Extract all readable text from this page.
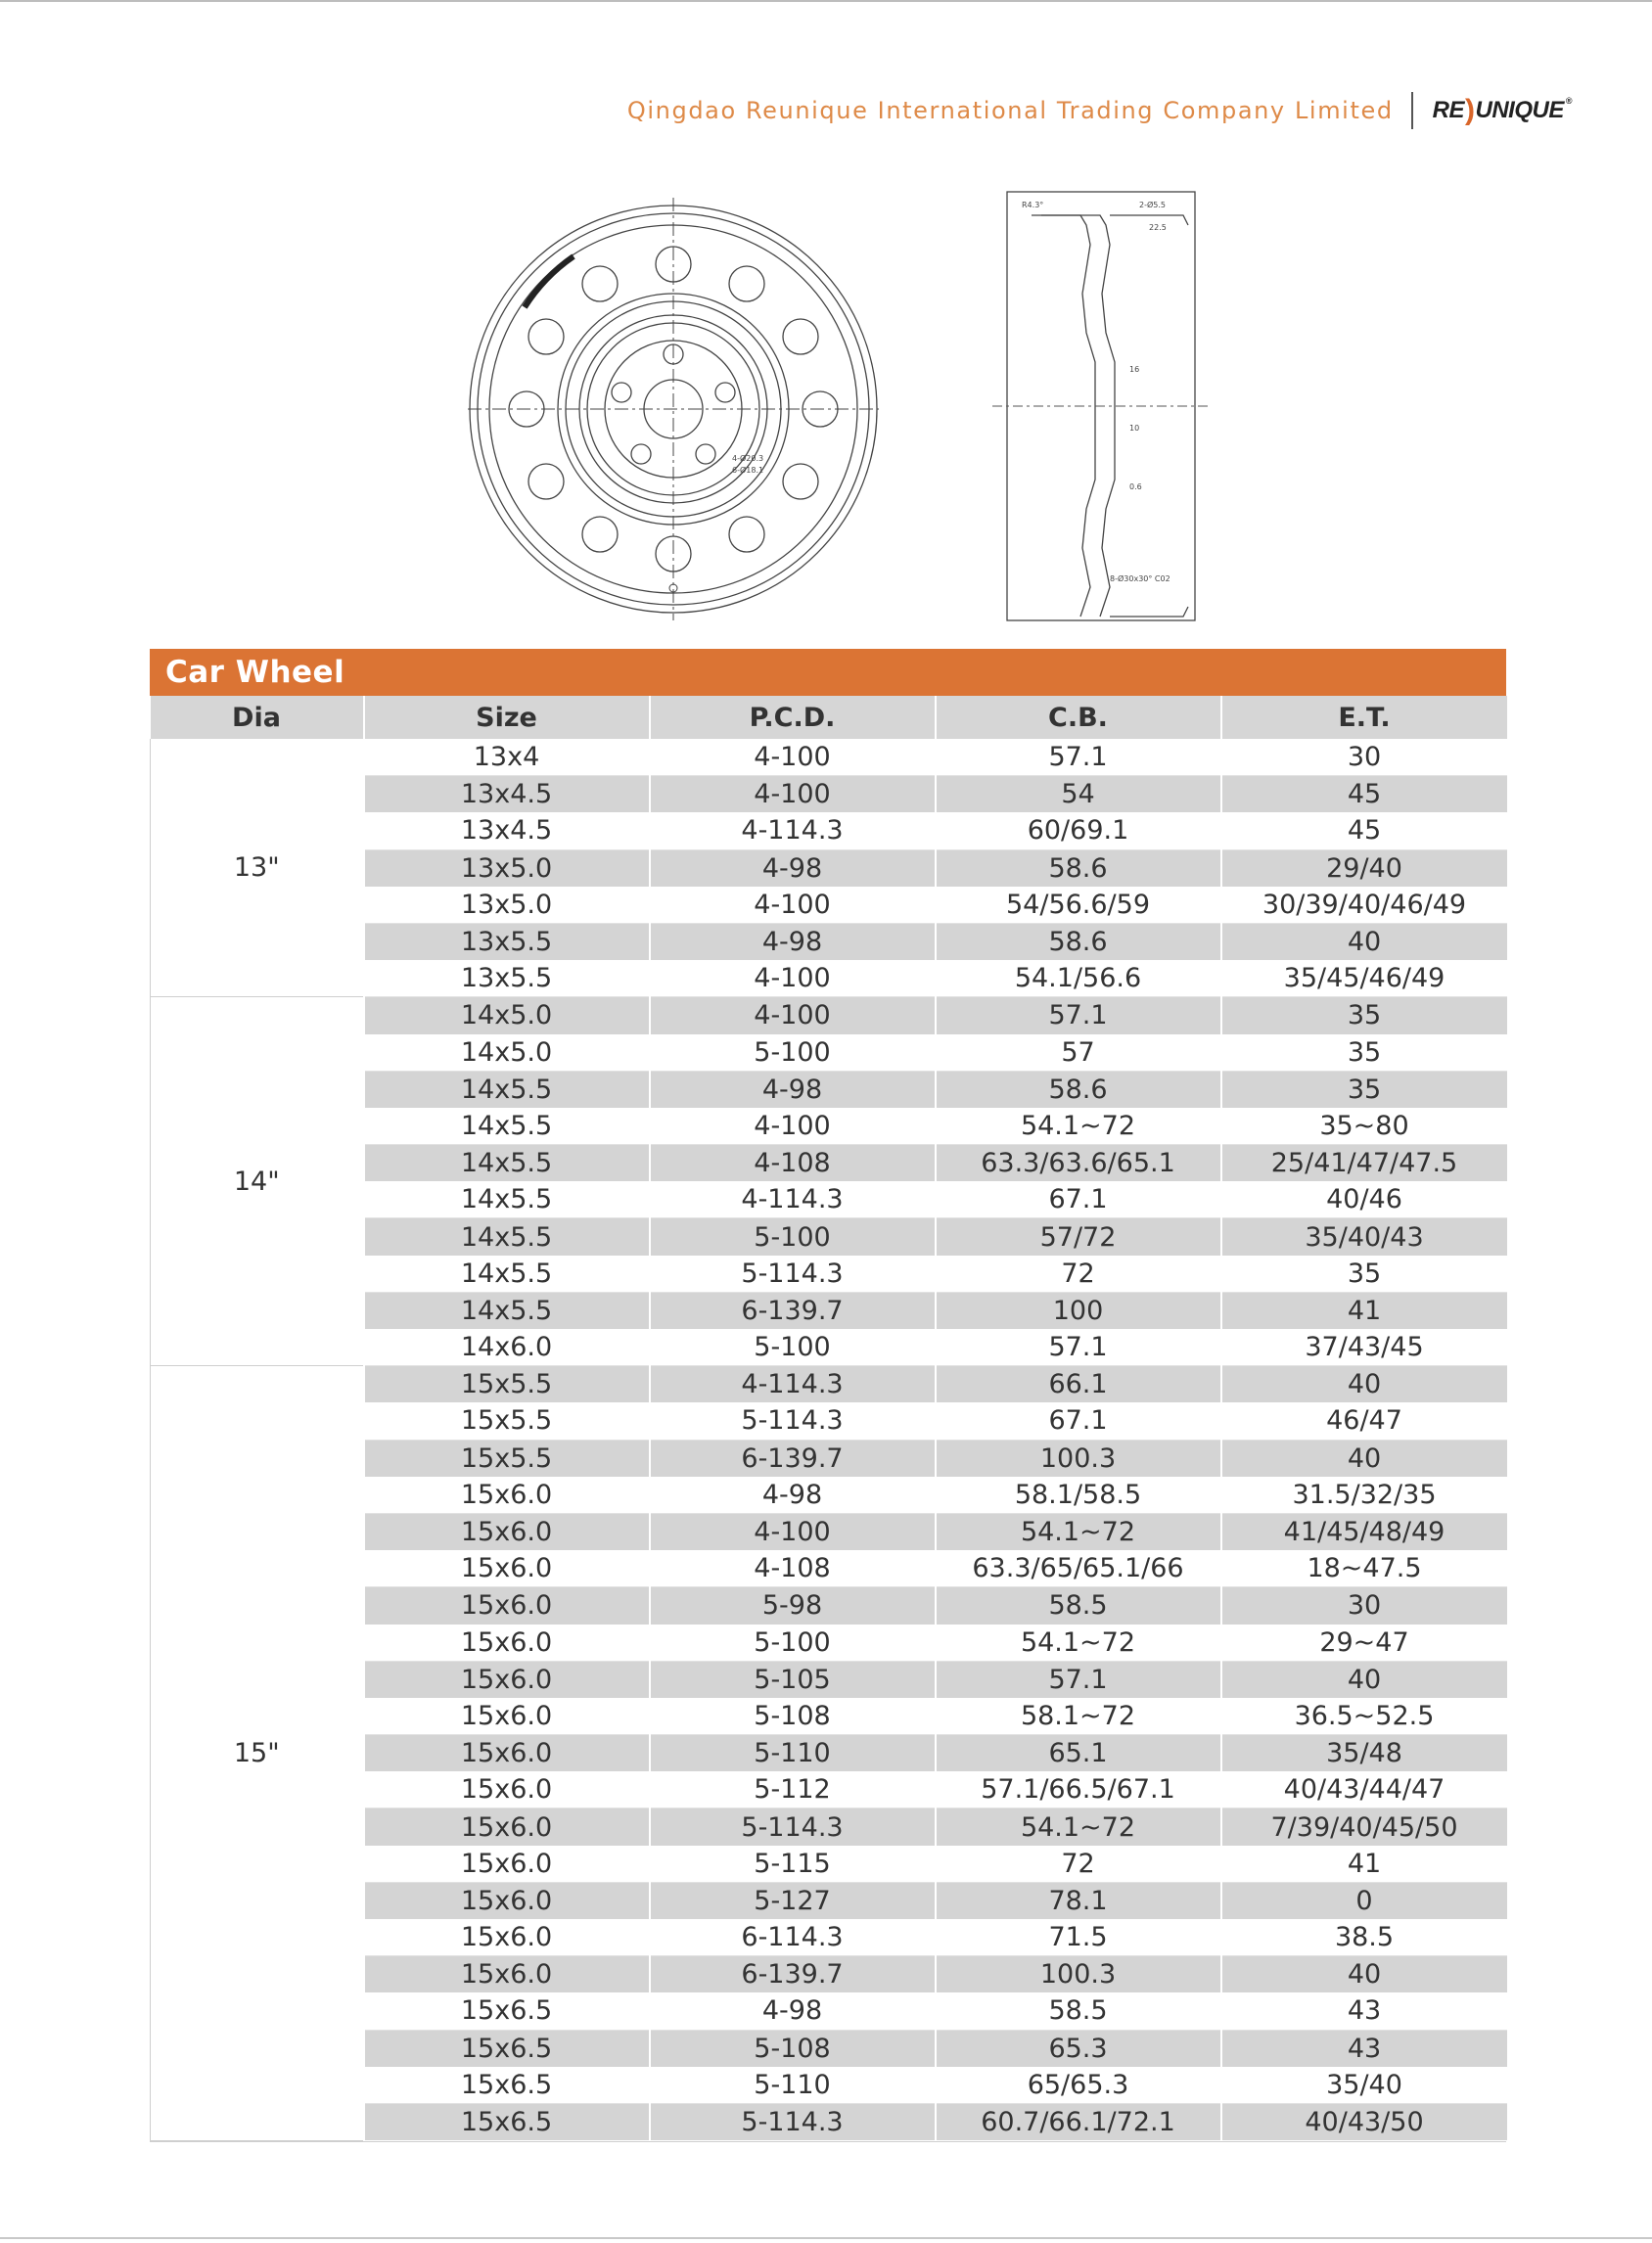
Qingdao Reunique International Trading Company Limited RE ) UNIQUE ®
4-Ø20.3
6-Ø18.1
R4.3°	2-Ø5.5
22.5
16
10
0.6
8-Ø30x30° C02
Car Wheel
Dia	Size	P.C.D.	C.B.	E.T.
13"	13x4	4-100	57.1	30
	13x4.5	4-100	54	45
	13x4.5	4-114.3	60/69.1	45
	13x5.0	4-98	58.6	29/40
	13x5.0	4-100	54/56.6/59	30/39/40/46/49
	13x5.5	4-98	58.6	40
	13x5.5	4-100	54.1/56.6	35/45/46/49
14"	14x5.0	4-100	57.1	35
	14x5.0	5-100	57	35
	14x5.5	4-98	58.6	35
	14x5.5	4-100	54.1~72	35~80
	14x5.5	4-108	63.3/63.6/65.1	25/41/47/47.5
	14x5.5	4-114.3	67.1	40/46
	14x5.5	5-100	57/72	35/40/43
	14x5.5	5-114.3	72	35
	14x5.5	6-139.7	100	41
	14x6.0	5-100	57.1	37/43/45
15"	15x5.5	4-114.3	66.1	40
	15x5.5	5-114.3	67.1	46/47
	15x5.5	6-139.7	100.3	40
	15x6.0	4-98	58.1/58.5	31.5/32/35
	15x6.0	4-100	54.1~72	41/45/48/49
	15x6.0	4-108	63.3/65/65.1/66	18~47.5
	15x6.0	5-98	58.5	30
	15x6.0	5-100	54.1~72	29~47
	15x6.0	5-105	57.1	40
	15x6.0	5-108	58.1~72	36.5~52.5
	15x6.0	5-110	65.1	35/48
	15x6.0	5-112	57.1/66.5/67.1	40/43/44/47
	15x6.0	5-114.3	54.1~72	7/39/40/45/50
	15x6.0	5-115	72	41
	15x6.0	5-127	78.1	0
	15x6.0	6-114.3	71.5	38.5
	15x6.0	6-139.7	100.3	40
	15x6.5	4-98	58.5	43
	15x6.5	5-108	65.3	43
	15x6.5	5-110	65/65.3	35/40
	15x6.5	5-114.3	60.7/66.1/72.1	40/43/50
